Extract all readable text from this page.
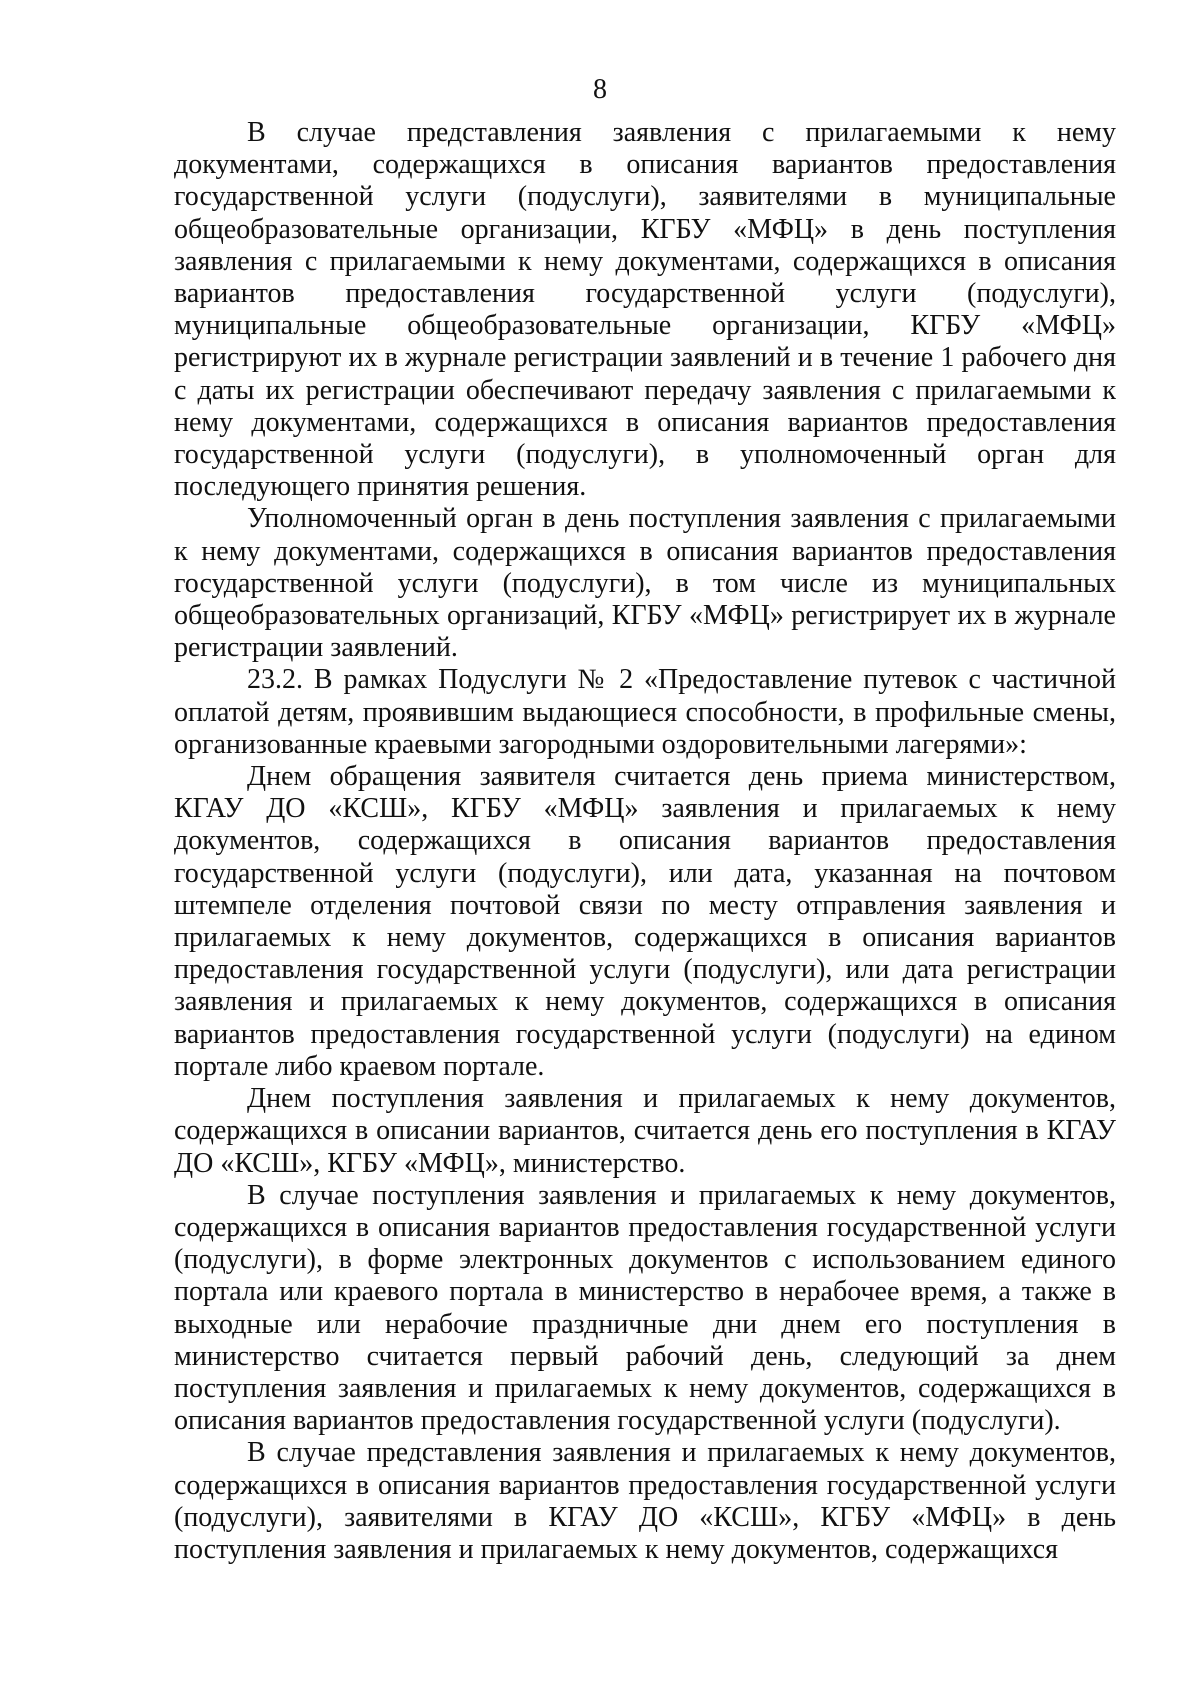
8

В случае представления заявления с прилагаемыми к нему документами, содержащихся в описания вариантов предоставления государственной услуги (подуслуги), заявителями в муниципальные общеобразовательные организации, КГБУ «МФЦ» в день поступления заявления с прилагаемыми к нему документами, содержащихся в описания вариантов предоставления государственной услуги (подуслуги), муниципальные общеобразовательные организации, КГБУ «МФЦ» регистрируют их в журнале регистрации заявлений и в течение 1 рабочего дня с даты их регистрации обеспечивают передачу заявления с прилагаемыми к нему документами, содержащихся в описания вариантов предоставления государственной услуги (подуслуги), в уполномоченный орган для последующего принятия решения.

Уполномоченный орган в день поступления заявления с прилагаемыми к нему документами, содержащихся в описания вариантов предоставления государственной услуги (подуслуги), в том числе из муниципальных общеобразовательных организаций, КГБУ «МФЦ» регистрирует их в журнале регистрации заявлений.

23.2. В рамках Подуслуги № 2 «Предоставление путевок с частичной оплатой детям, проявившим выдающиеся способности, в профильные смены, организованные краевыми загородными оздоровительными лагерями»:

Днем обращения заявителя считается день приема министерством, КГАУ ДО «КСШ», КГБУ «МФЦ» заявления и прилагаемых к нему документов, содержащихся в описания вариантов предоставления государственной услуги (подуслуги), или дата, указанная на почтовом штемпеле отделения почтовой связи по месту отправления заявления и прилагаемых к нему документов, содержащихся в описания вариантов предоставления государственной услуги (подуслуги), или дата регистрации заявления и прилагаемых к нему документов, содержащихся в описания вариантов предоставления государственной услуги (подуслуги) на едином портале либо краевом портале.

Днем поступления заявления и прилагаемых к нему документов, содержащихся в описании вариантов, считается день его поступления в КГАУ ДО «КСШ», КГБУ «МФЦ», министерство.

В случае поступления заявления и прилагаемых к нему документов, содержащихся в описания вариантов предоставления государственной услуги (подуслуги), в форме электронных документов с использованием единого портала или краевого портала в министерство в нерабочее время, а также в выходные или нерабочие праздничные дни днем его поступления в министерство считается первый рабочий день, следующий за днем поступления заявления и прилагаемых к нему документов, содержащихся в описания вариантов предоставления государственной услуги (подуслуги).

В случае представления заявления и прилагаемых к нему документов, содержащихся в описания вариантов предоставления государственной услуги (подуслуги), заявителями в КГАУ ДО «КСШ», КГБУ «МФЦ» в день поступления заявления и прилагаемых к нему документов, содержащихся
